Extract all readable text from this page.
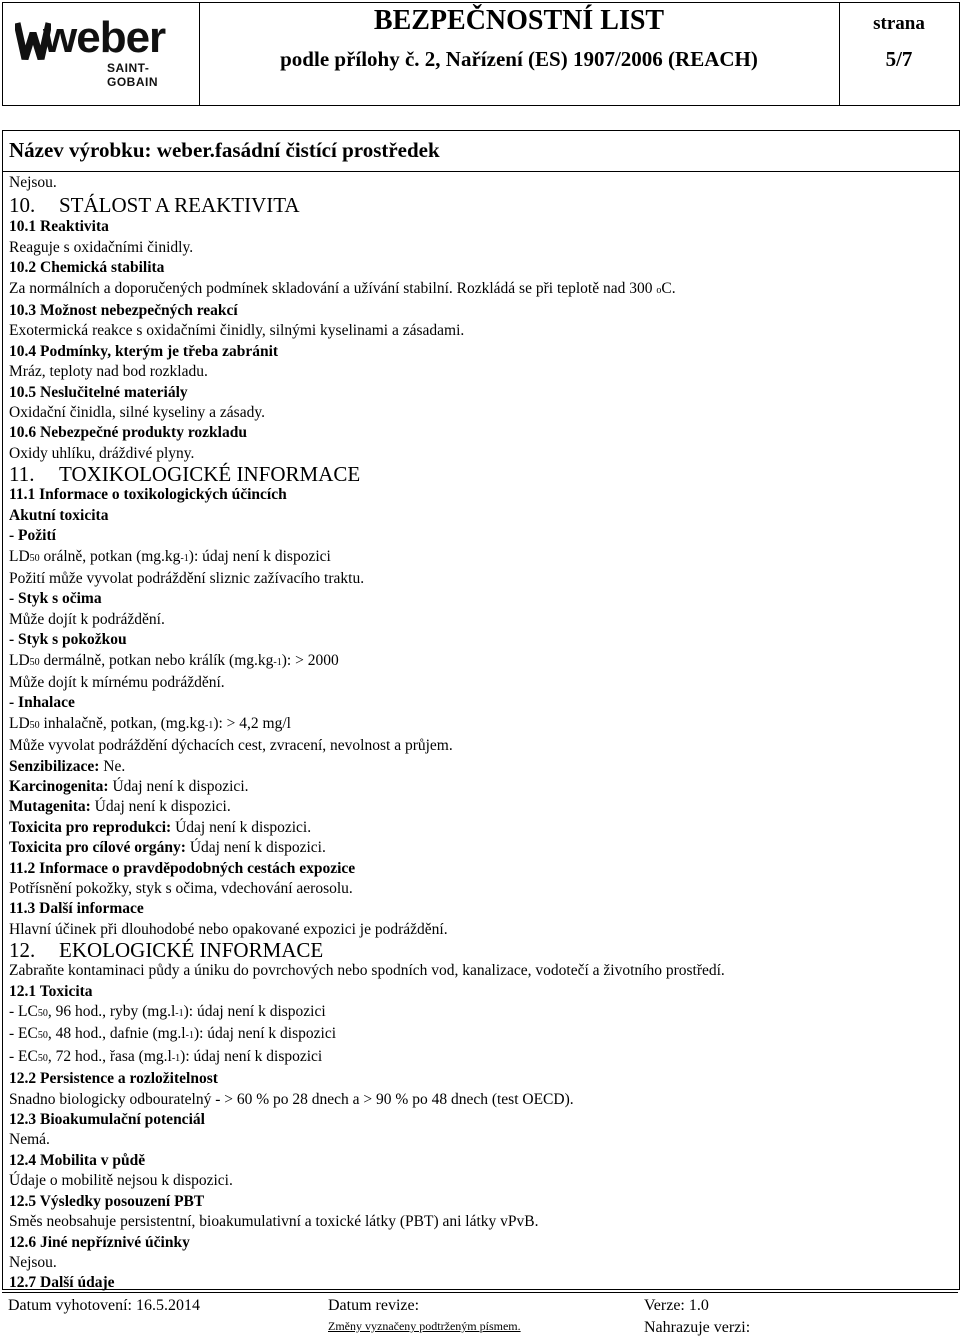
weber
SAINT-GOBAIN
BEZPEČNOSTNÍ LIST
podle přílohy č. 2, Nařízení (ES) 1907/2006 (REACH)
strana
5/7
Název výrobku: weber.fasádní čistící prostředek
Nejsou.
10. STÁLOST A REAKTIVITA
10.1 Reaktivita
Reaguje s oxidačními činidly.
10.2 Chemická stabilita
Za normálních a doporučených podmínek skladování a užívání stabilní. Rozkládá se při teplotě nad 300 oC.
10.3 Možnost nebezpečných reakcí
Exotermická reakce s oxidačními činidly, silnými kyselinami a zásadami.
10.4 Podmínky, kterým je třeba zabránit
Mráz, teploty nad bod rozkladu.
10.5 Neslučitelné materiály
Oxidační činidla, silné kyseliny a zásady.
10.6 Nebezpečné produkty rozkladu
Oxidy uhlíku, dráždivé plyny.
11. TOXIKOLOGICKÉ INFORMACE
11.1 Informace o toxikologických účincích
Akutní toxicita
- Požití
LD50 orálně, potkan (mg.kg-1): údaj není k dispozici
Požití může vyvolat podráždění sliznic zažívacího traktu.
- Styk s očima
Může dojít k podráždění.
- Styk s pokožkou
LD50 dermálně, potkan nebo králík (mg.kg-1): > 2000
Může dojít k mírnému podráždění.
- Inhalace
LD50 inhalačně, potkan, (mg.kg-1): > 4,2 mg/l
Může vyvolat podráždění dýchacích cest, zvracení, nevolnost a průjem.
Senzibilizace: Ne.
Karcinogenita: Údaj není k dispozici.
Mutagenita: Údaj není k dispozici.
Toxicita pro reprodukci: Údaj není k dispozici.
Toxicita pro cílové orgány: Údaj není k dispozici.
11.2 Informace o pravděpodobných cestách expozice
Potřísnění pokožky, styk s očima, vdechování aerosolu.
11.3 Další informace
Hlavní účinek při dlouhodobé nebo opakované expozici je podráždění.
12. EKOLOGICKÉ INFORMACE
Zabraňte kontaminaci půdy a úniku do povrchových nebo spodních vod, kanalizace, vodotečí a životního prostředí.
12.1 Toxicita
- LC50, 96 hod., ryby (mg.l-1): údaj není k dispozici
- EC50, 48 hod., dafnie (mg.l-1): údaj není k dispozici
- EC50, 72 hod., řasa (mg.l-1): údaj není k dispozici
12.2 Persistence a rozložitelnost
Snadno biologicky odbouratelný - > 60 % po 28 dnech a > 90 % po 48 dnech (test OECD).
12.3 Bioakumulační potenciál
Nemá.
12.4 Mobilita v půdě
Údaje o mobilitě nejsou k dispozici.
12.5 Výsledky posouzení PBT
Směs neobsahuje persistentní, bioakumulativní a toxické látky (PBT) ani látky vPvB.
12.6 Jiné nepříznivé účinky
Nejsou.
12.7 Další údaje
Datum vyhotovení: 16.5.2014	Datum revize:
Změny vyznačeny podtrženým písmem.
Verze: 1.0
Nahrazuje verzi:
